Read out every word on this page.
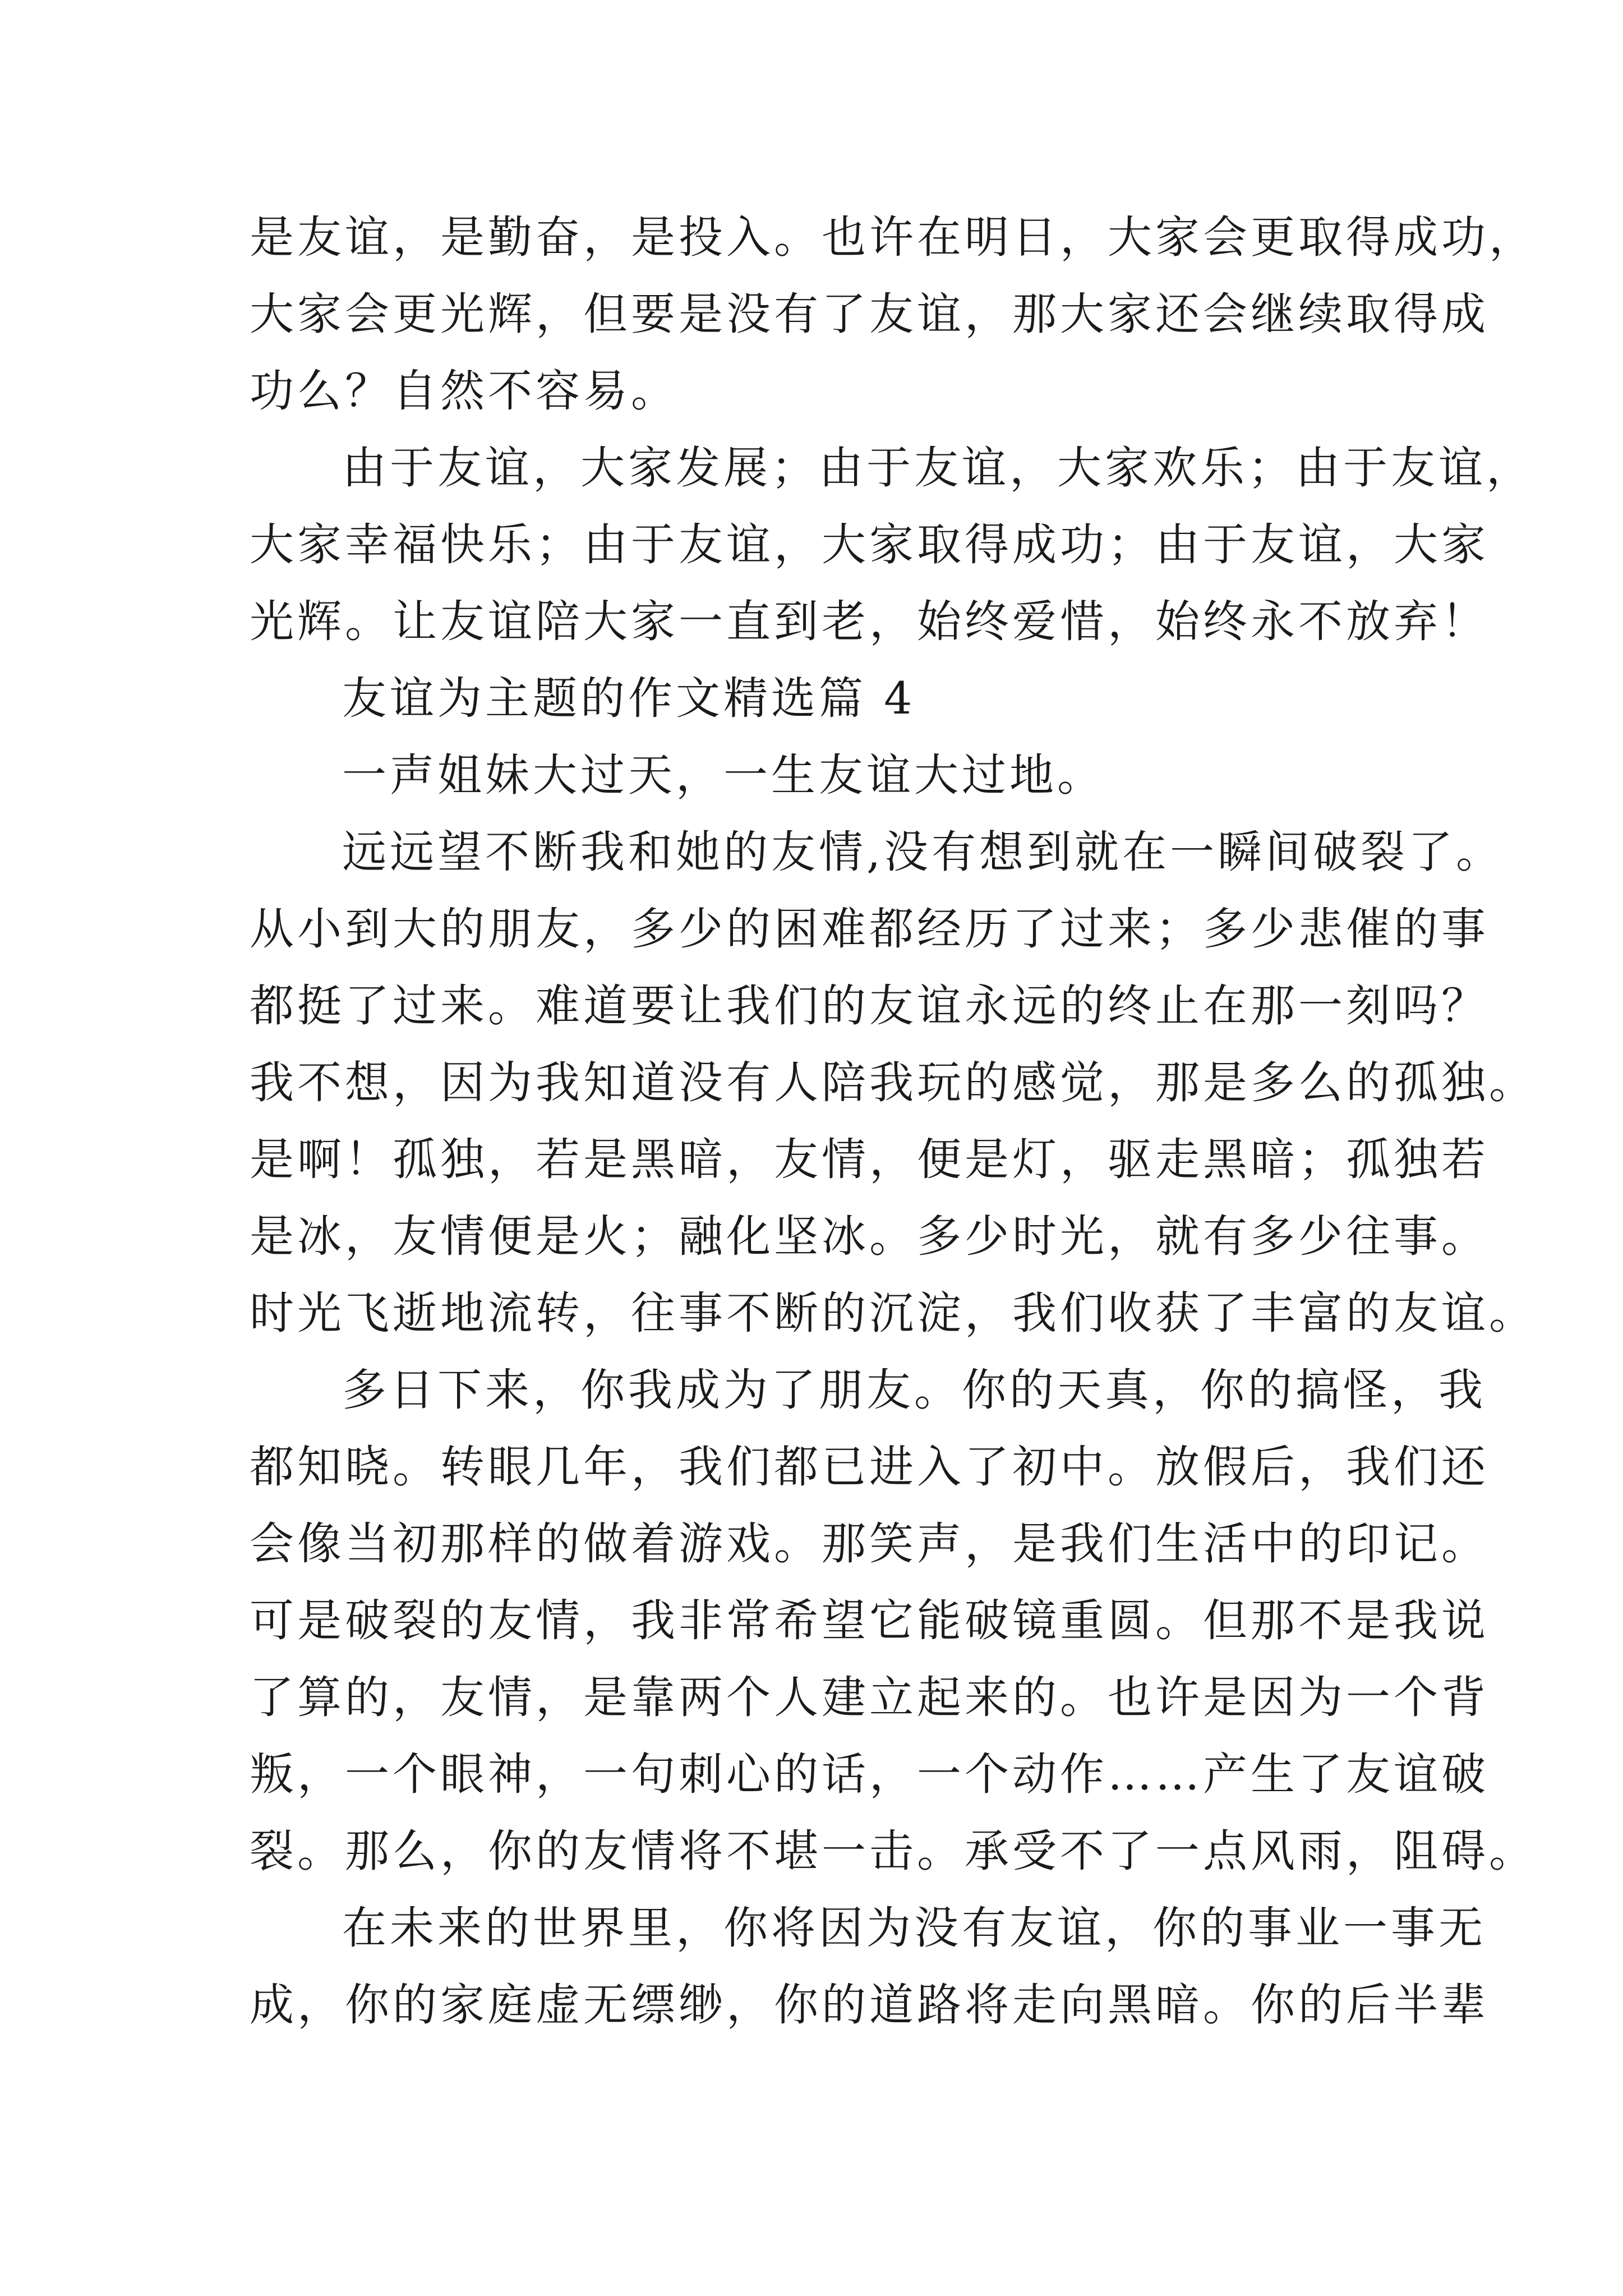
是友谊，是勤奋，是投入。也许在明日，大家会更取得成功，
大家会更光辉，但要是没有了友谊，那大家还会继续取得成
功么？自然不容易。
由于友谊，大家发展；由于友谊，大家欢乐；由于友谊，
大家幸福快乐；由于友谊，大家取得成功；由于友谊，大家
光辉。让友谊陪大家一直到老，始终爱惜，始终永不放弃！
友谊为主题的作文精选篇 4
一声姐妹大过天，一生友谊大过地。
远远望不断我和她的友情,没有想到就在一瞬间破裂了。
从小到大的朋友，多少的困难都经历了过来；多少悲催的事
都挺了过来。难道要让我们的友谊永远的终止在那一刻吗？
我不想，因为我知道没有人陪我玩的感觉，那是多么的孤独。
是啊！孤独，若是黑暗，友情，便是灯，驱走黑暗；孤独若
是冰，友情便是火；融化坚冰。多少时光，就有多少往事。
时光飞逝地流转，往事不断的沉淀，我们收获了丰富的友谊。
多日下来，你我成为了朋友。你的天真，你的搞怪，我
都知晓。转眼几年，我们都已进入了初中。放假后，我们还
会像当初那样的做着游戏。那笑声，是我们生活中的印记。
可是破裂的友情，我非常希望它能破镜重圆。但那不是我说
了算的，友情，是靠两个人建立起来的。也许是因为一个背
叛，一个眼神，一句刺心的话，一个动作……产生了友谊破
裂。那么，你的友情将不堪一击。承受不了一点风雨，阻碍。
在未来的世界里，你将因为没有友谊，你的事业一事无
成，你的家庭虚无缥缈，你的道路将走向黑暗。你的后半辈
